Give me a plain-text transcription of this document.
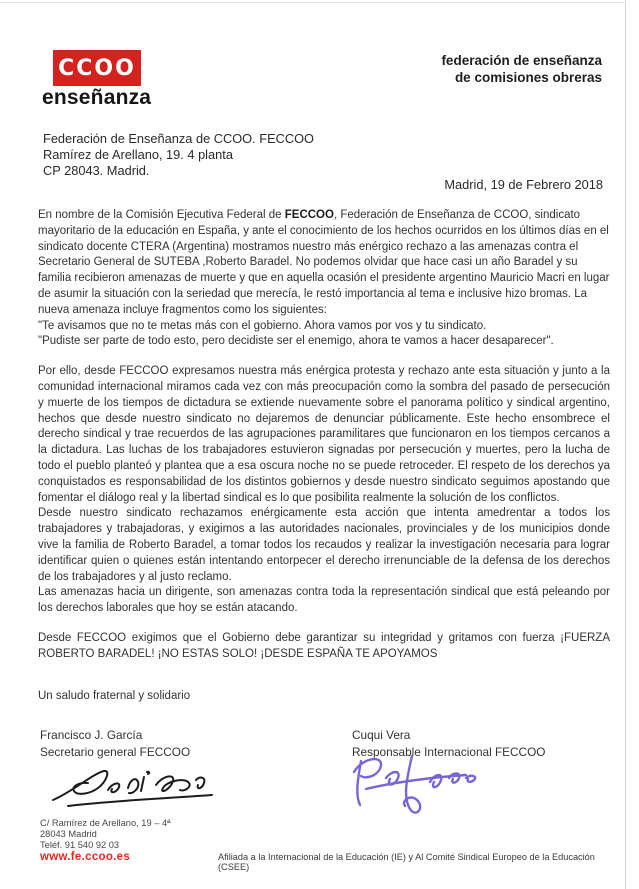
CCOO
enseñanza
federación de enseñanza
de comisiones obreras
Federación de Enseñanza de CCOO. FECCOO
Ramírez de Arellano, 19. 4 planta
CP 28043. Madrid.
Madrid, 19 de Febrero 2018

En nombre de la Comisión Ejecutiva Federal de FECCOO, Federación de Enseñanza de CCOO, sindicato mayoritario de la educación en España, y ante el conocimiento de los hechos ocurridos en los últimos días en el sindicato docente CTERA (Argentina) mostramos nuestro más enérgico rechazo a las amenazas contra el Secretario General de SUTEBA ,Roberto Baradel. No podemos olvidar que hace casi un año Baradel y su familia recibieron amenazas de muerte y que en aquella ocasión el presidente argentino Mauricio Macri en lugar de asumir la situación con la seriedad que merecía, le restó importancia al tema e inclusive hizo bromas. La nueva amenaza incluye fragmentos como los siguientes:

"Te avisamos que no te metas más con el gobierno. Ahora vamos por vos y tu sindicato.

"Pudiste ser parte de todo esto, pero decidiste ser el enemigo, ahora te vamos a hacer desaparecer".

Por ello, desde FECCOO expresamos nuestra más enérgica protesta y rechazo ante esta situación y junto a la comunidad internacional miramos cada vez con más preocupación como la sombra del pasado de persecución y muerte de los tiempos de dictadura se extiende nuevamente sobre el panorama político y sindical argentino, hechos que desde nuestro sindicato no dejaremos de denunciar públicamente. Este hecho ensombrece el derecho sindical y trae recuerdos de las agrupaciones paramilitares que funcionaron en los tiempos cercanos a la dictadura. Las luchas de los trabajadores estuvieron signadas por persecución y muertes, pero la lucha de todo el pueblo planteó y plantea que a esa oscura noche no se puede retroceder. El respeto de los derechos ya conquistados es responsabilidad de los distintos gobiernos y desde nuestro sindicato seguimos apostando que fomentar el diálogo real y la libertad sindical es lo que posibilita realmente la solución de los conflictos.

Desde nuestro sindicato rechazamos enérgicamente esta acción que intenta amedrentar a todos los trabajadores y trabajadoras, y exigimos a las autoridades nacionales, provinciales y de los municipios donde vive la familia de Roberto Baradel, a tomar todos los recaudos y realizar la investigación necesaria para lograr identificar quien o quienes están intentando entorpecer el derecho irrenunciable de la defensa de los derechos de los trabajadores y al justo reclamo.

Las amenazas hacia un dirigente, son amenazas contra toda la representación sindical que está peleando por los derechos laborales que hoy se están atacando.

Desde FECCOO exigimos que el Gobierno debe garantizar su integridad y gritamos con fuerza ¡FUERZA ROBERTO BARADEL! ¡NO ESTAS SOLO! ¡DESDE ESPAÑA TE APOYAMOS

Un saludo fraternal y solidario

Francisco J. García
Secretario general FECCOO
Cuqui Vera
Responsable Internacional FECCOO
C/ Ramírez de Arellano, 19 – 4ª
28043 Madrid
Teléf. 91 540 92 03
www.fe.ccoo.es	Afiliada a la Internacional de la Educación (IE) y Al Comité Sindical Europeo de la Educación (CSEE)
